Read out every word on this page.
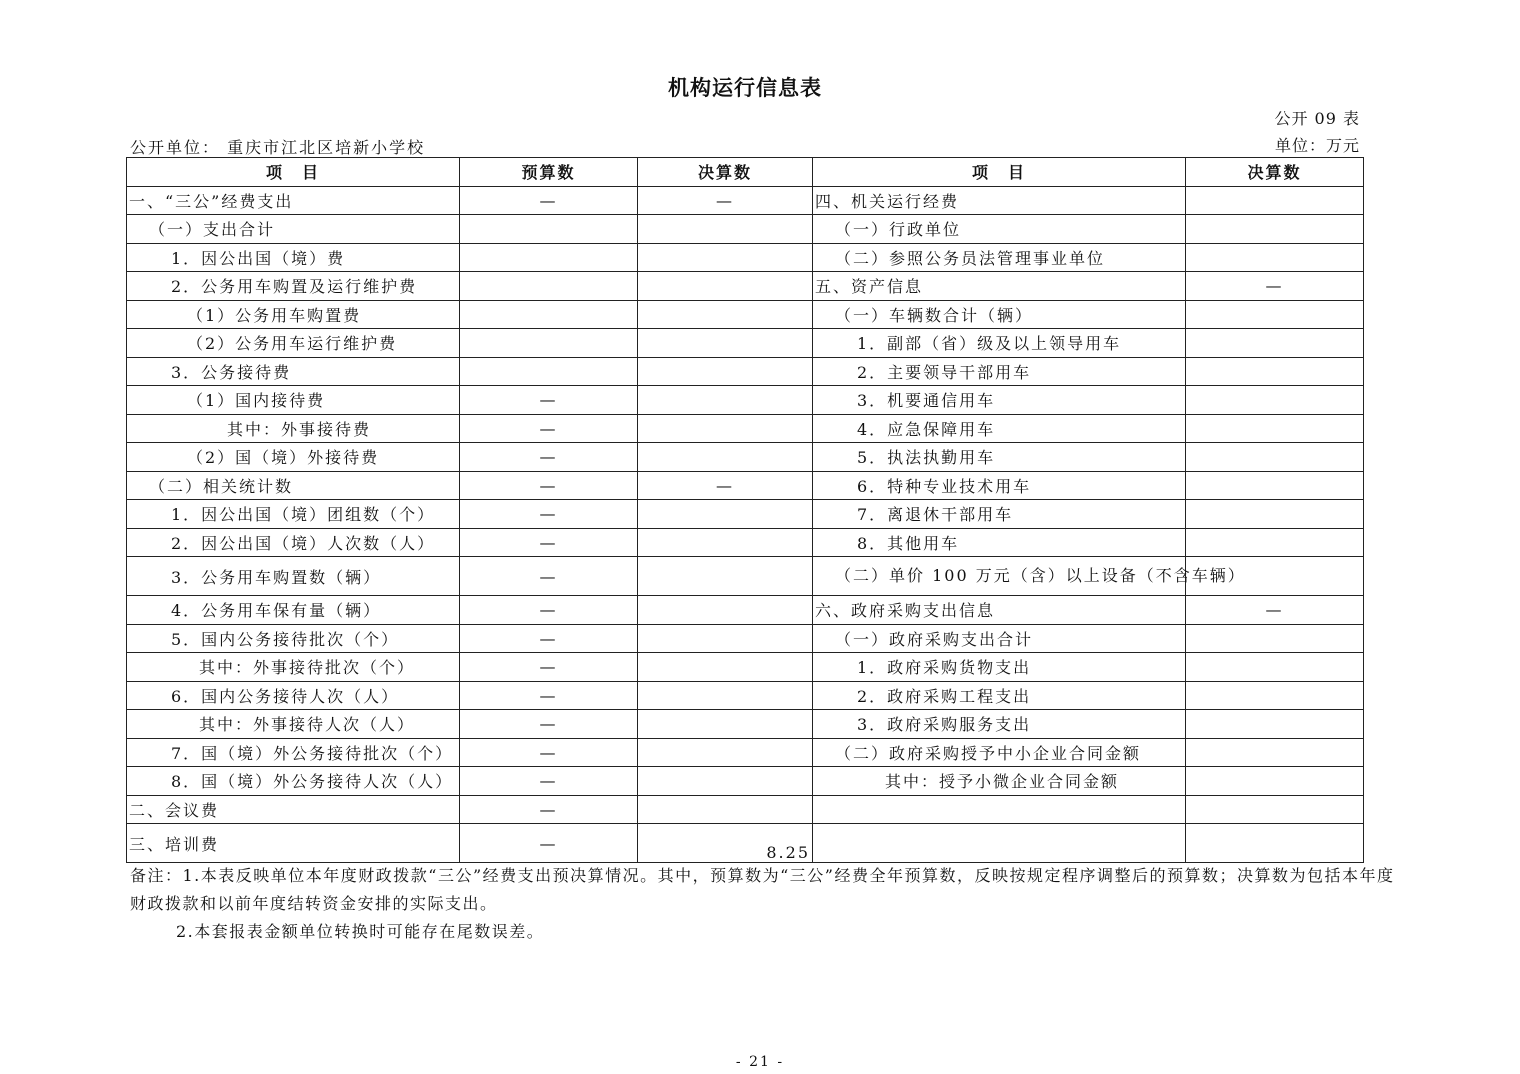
机构运行信息表
公开 09 表
单位：万元
公开单位： 重庆市江北区培新小学校
项　目	预算数	决算数	项　目	决算数
一、“三公”经费支出	—	—	四、机关运行经费	
（一）支出合计			（一）行政单位	
1．因公出国（境）费			（二）参照公务员法管理事业单位	
2．公务用车购置及运行维护费			五、资产信息	—
（1）公务用车购置费			（一）车辆数合计（辆）	
（2）公务用车运行维护费			1．副部（省）级及以上领导用车	
3．公务接待费			2．主要领导干部用车	
（1）国内接待费	—		3．机要通信用车	
其中：外事接待费	—		4．应急保障用车	
（2）国（境）外接待费	—		5．执法执勤用车	
（二）相关统计数	—	—	6．特种专业技术用车	
1．因公出国（境）团组数（个）	—		7．离退休干部用车	
2．因公出国（境）人次数（人）	—		8．其他用车	
3．公务用车购置数（辆）	—		（二）单价 100 万元（含）以上设备（不含车辆）	
4．公务用车保有量（辆）	—		六、政府采购支出信息	—
5．国内公务接待批次（个）	—		（一）政府采购支出合计	
其中：外事接待批次（个）	—		1．政府采购货物支出	
6．国内公务接待人次（人）	—		2．政府采购工程支出	
其中：外事接待人次（人）	—		3．政府采购服务支出	
7．国（境）外公务接待批次（个）	—		（二）政府采购授予中小企业合同金额	
8．国（境）外公务接待人次（人）	—		其中：授予小微企业合同金额	
二、会议费	—			
三、培训费	—	8.25		
备注：1.本表反映单位本年度财政拨款“三公”经费支出预决算情况。其中，预算数为“三公”经费全年预算数，反映按规定程序调整后的预算数；决算数为包括本年度财政拨款和以前年度结转资金安排的实际支出。
2.本套报表金额单位转换时可能存在尾数误差。
- 21 -
